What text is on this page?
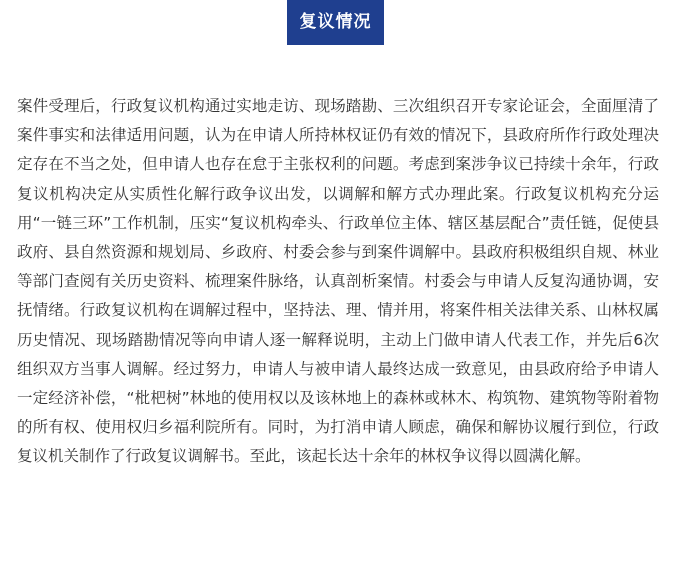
复议情况

案件受理后，行政复议机构通过实地走访、现场踏勘、三次组织召开专家论证会，全面厘清了案件事实和法律适用问题，认为在申请人所持林权证仍有效的情况下，县政府所作行政处理决定存在不当之处，但申请人也存在怠于主张权利的问题。考虑到案涉争议已持续十余年，行政复议机构决定从实质性化解行政争议出发，以调解和解方式办理此案。行政复议机构充分运用“一链三环”工作机制，压实“复议机构牵头、行政单位主体、辖区基层配合”责任链，促使县政府、县自然资源和规划局、乡政府、村委会参与到案件调解中。县政府积极组织自规、林业等部门查阅有关历史资料、梳理案件脉络，认真剖析案情。村委会与申请人反复沟通协调，安抚情绪。行政复议机构在调解过程中，坚持法、理、情并用，将案件相关法律关系、山林权属历史情况、现场踏勘情况等向申请人逐一解释说明，主动上门做申请人代表工作，并先后6次组织双方当事人调解。经过努力，申请人与被申请人最终达成一致意见，由县政府给予申请人一定经济补偿，“枇杷树”林地的使用权以及该林地上的森林或林木、构筑物、建筑物等附着物的所有权、使用权归乡福利院所有。同时，为打消申请人顾虑，确保和解协议履行到位，行政复议机关制作了行政复议调解书。至此，该起长达十余年的林权争议得以圆满化解。
